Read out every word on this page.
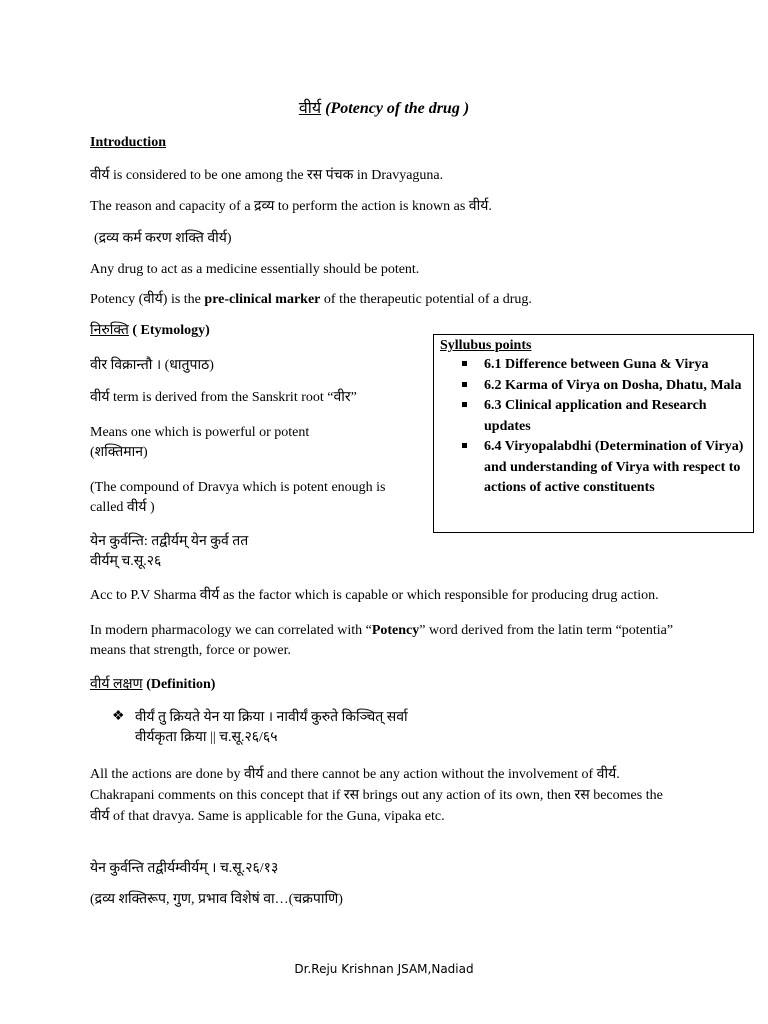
वीर्य (Potency of the drug )
Introduction
वीर्य is considered to be one among the रस पंचक in Dravyaguna.
The reason and capacity of a द्रव्य to perform the action is known as वीर्य.
(द्रव्य कर्म करण शक्ति वीर्य)
Any drug to act as a medicine essentially should be potent.
Potency (वीर्य) is the pre-clinical marker of the therapeutic potential of a drug.
निरुक्ति ( Etymology)
वीर विक्रान्तौ । (धातुपाठ)
वीर्य term is derived from the Sanskrit root “वीर”
Means one which is powerful or potent
(शक्तिमान)
(The compound of Dravya which is potent enough is
called वीर्य )
येन कुर्वन्ति: तद्वीर्यम् येन कुर्व तत
वीर्यम् च.सू.२६
Syllubus points
6.1 Difference between Guna & Virya
6.2 Karma of Virya on Dosha, Dhatu, Mala
6.3 Clinical application and Research updates
6.4 Viryopalabdhi (Determination of Virya) and understanding of Virya with respect to actions of active constituents
Acc to P.V Sharma वीर्य as the factor which is capable or which responsible for producing drug action.
In modern pharmacology we can correlated with “Potency” word derived from the latin term “potentia”
means that strength, force or power.
वीर्य लक्षण (Definition)
❖ वीर्यं तु क्रियते येन या क्रिया । नावीर्यं कुरुते किञ्चित् सर्वा
वीर्यकृता क्रिया || च.सू.२६/६५
All the actions are done by वीर्य and there cannot be any action without the involvement of वीर्य.
Chakrapani comments on this concept that if रस brings out any action of its own, then रस becomes the
वीर्य of that dravya. Same is applicable for the Guna, vipaka etc.
येन कुर्वन्ति तद्वीर्यम्वीर्यम् । च.सू.२६/१३
(द्रव्य शक्तिरूप, गुण, प्रभाव विशेषं वा…(चक्रपाणि)
Dr.Reju Krishnan JSAM,Nadiad
